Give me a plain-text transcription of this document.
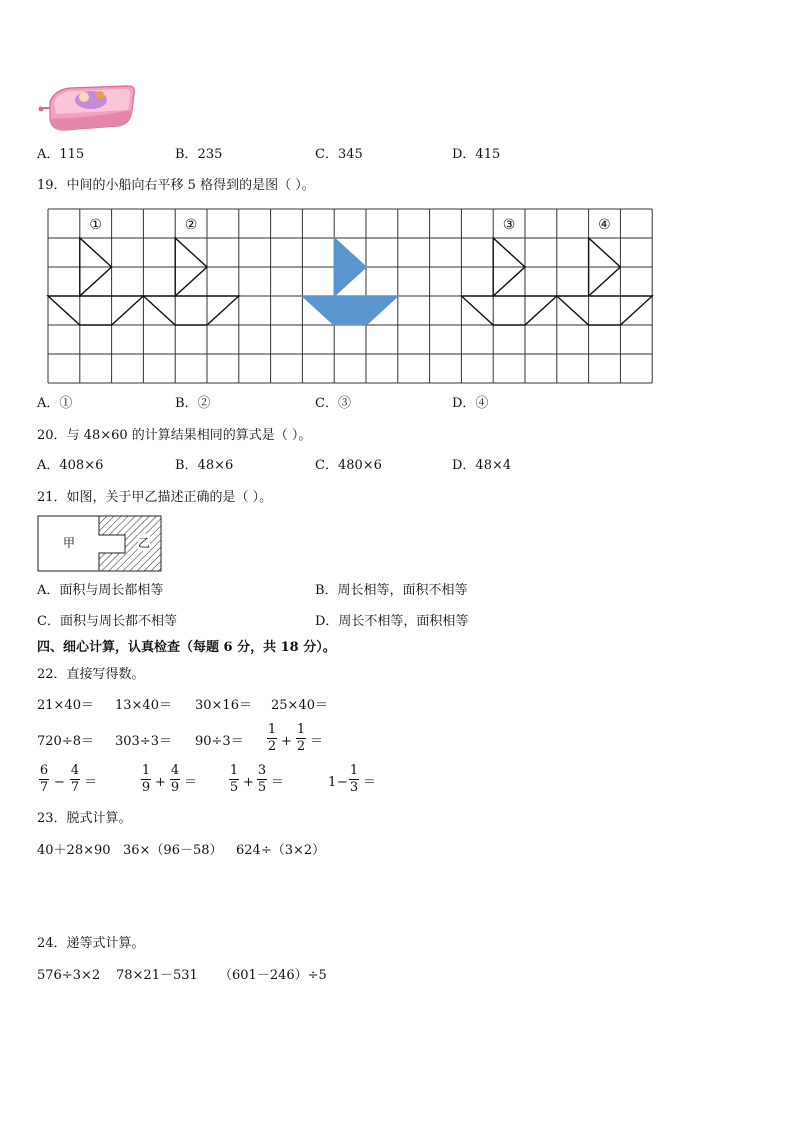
A．115	B．235	C．345	D．415
19．中间的小船向右平移 5 格得到的是图（ ）。
①	②	③	④
A．①	B．②	C．③	D．④
20．与 48×60 的计算结果相同的算式是（ ）。
A．408×6	B．48×6	C．480×6	D．48×4
21．如图，关于甲乙描述正确的是（ ）。
甲	乙
A．面积与周长都相等	B．周长相等，面积不相等
C．面积与周长都不相等	D．周长不相等，面积相等
四、细心计算，认真检查（每题 6 分，共 18 分）。
22．直接写得数。
21×40＝ 13×40＝ 30×16＝ 25×40＝
720÷8＝ 303÷3＝ 90÷3＝
1
2 +
1
2 ＝
6
7 −
4
7 ＝
1
9 +
4
9 ＝
1
5 +
3
5 ＝	1 −
1
3 ＝
23．脱式计算。
40＋28×90 36×（96－58） 624÷（3×2）
24．递等式计算。
576÷3×2 78×21－531 （601－246）÷5
